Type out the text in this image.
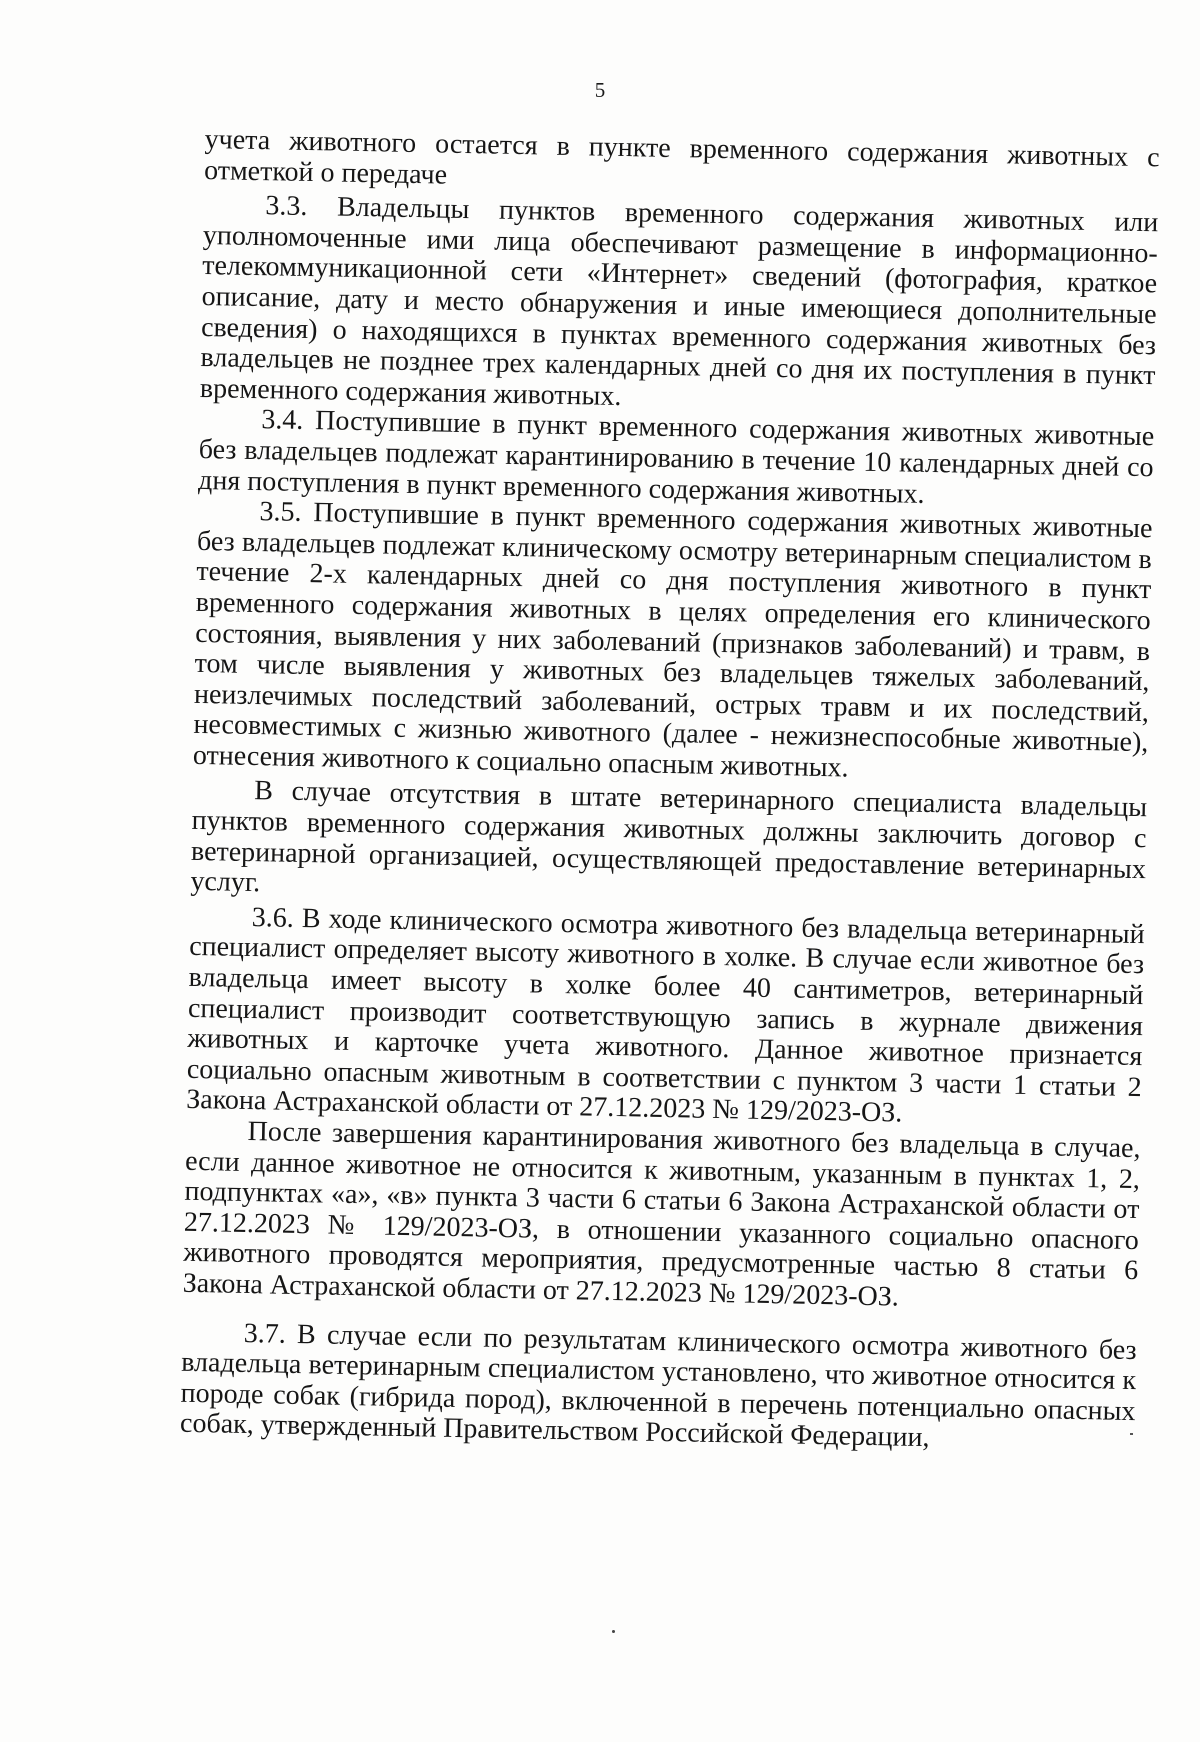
5

учета животного остается в пункте временного содержания животных с отметкой о передаче

3.3. Владельцы пунктов временного содержания животных или уполномоченные ими лица обеспечивают размещение в информационно-телекоммуникационной сети «Интернет» сведений (фотография, краткое описание, дату и место обнаружения и иные имеющиеся дополнительные сведения) о находящихся в пунктах временного содержания животных без владельцев не позднее трех календарных дней со дня их поступления в пункт временного содержания животных.

3.4. Поступившие в пункт временного содержания животных животные без владельцев подлежат карантинированию в течение 10 календарных дней со дня поступления в пункт временного содержания животных.

3.5. Поступившие в пункт временного содержания животных животные без владельцев подлежат клиническому осмотру ветеринарным специалистом в течение 2-х календарных дней со дня поступления животного в пункт временного содержания животных в целях определения его клинического состояния, выявления у них заболеваний (признаков заболеваний) и травм, в том числе выявления у животных без владельцев тяжелых заболеваний, неизлечимых последствий заболеваний, острых травм и их последствий, несовместимых с жизнью животного (далее - нежизнеспособные животные), отнесения животного к социально опасным животных.

В случае отсутствия в штате ветеринарного специалиста владельцы пунктов временного содержания животных должны заключить договор с ветеринарной организацией, осуществляющей предоставление ветеринарных услуг.

3.6. В ходе клинического осмотра животного без владельца ветеринарный специалист определяет высоту животного в холке. В случае если животное без владельца имеет высоту в холке более 40 сантиметров, ветеринарный специалист производит соответствующую запись в журнале движения животных и карточке учета животного. Данное животное признается социально опасным животным в соответствии с пунктом 3 части 1 статьи 2 Закона Астраханской области от 27.12.2023 № 129/2023-ОЗ.

После завершения карантинирования животного без владельца в случае, если данное животное не относится к животным, указанным в пунктах 1, 2, подпунктах «а», «в» пункта 3 части 6 статьи 6 Закона Астраханской области от 27.12.2023 № 129/2023-ОЗ, в отношении указанного социально опасного животного проводятся мероприятия, предусмотренные частью 8 статьи 6 Закона Астраханской области от 27.12.2023 № 129/2023-ОЗ.

3.7. В случае если по результатам клинического осмотра животного без владельца ветеринарным специалистом установлено, что животное относится к породе собак (гибрида пород), включенной в перечень потенциально опасных собак, утвержденный Правительством Российской Федерации,
